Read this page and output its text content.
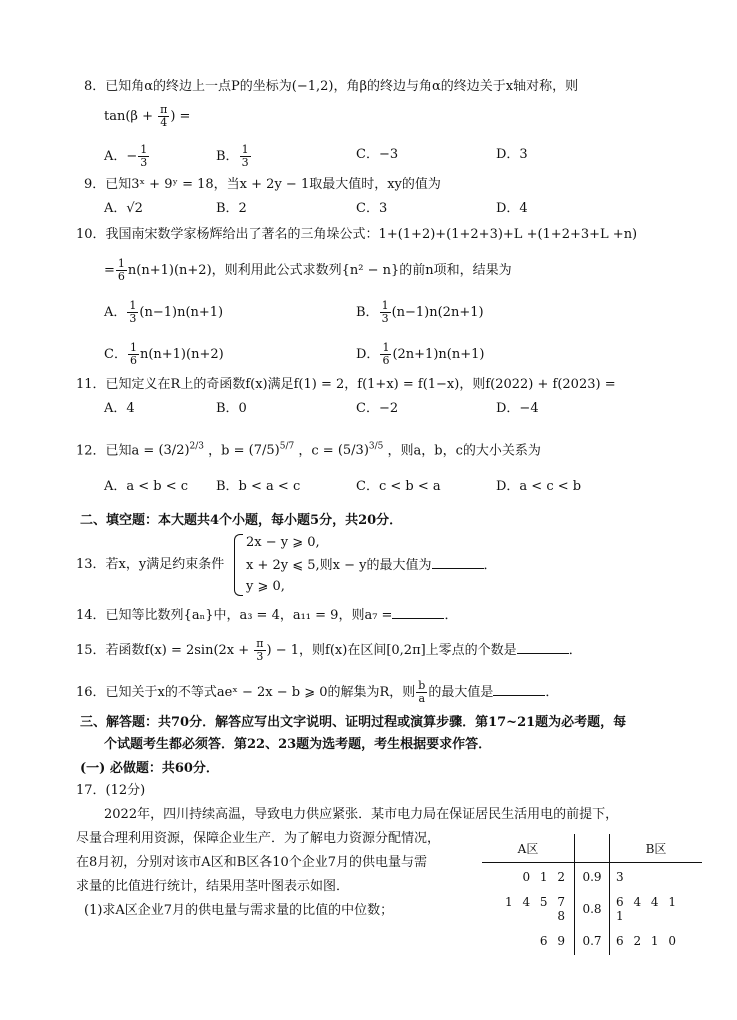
8．已知角α的终边上一点P的坐标为(−1,2)，角β的终边与角α的终边关于x轴对称，则
$\tan(\beta + \frac{\pi}{4}$ ) =
A．− $\frac{1}{3}$	B． $\frac{1}{3}$	C．−3	D．3
9．已知3ˣ + 9ʸ = 18，当x + 2y − 1取最大值时，xy的值为
A．√2	B．2	C．3	D．4
10．我国南宋数学家杨辉给出了著名的三角垛公式：1+(1+2)+(1+2+3)+L +(1+2+3+L +n)
= $\frac{1}{6} n(n+1)(n+2)$，则利用此公式求数列{n² − n}的前n项和，结果为
A． $\frac{1}{3} (n-1)n(n+1)$	B． $\frac{1}{3} (n-1)n(2n+1)$
C． $\frac{1}{6} n(n+1)(n+2)$	D． $\frac{1}{6} (2n+1)n(n+1)$
11．已知定义在R上的奇函数f(x)满足f(1) = 2，f(1+x) = f(1−x)，则f(2022) + f(2023) =
A．4	B．0	C．−2	D．−4
12．已知$a = (3/2)^{2/3}$ ，$b = (7/5)^{5/7}$ ，$c = (5/3)^{3/5}$ ，则a，b，c的大小关系为
A．a < b < c B．b < a < c	C．c < b < a	D．a < c < b
二、填空题：本大题共4个小题，每小题5分，共20分．
13．若x，y满足约束条件
2x − y ⩾ 0,
x + 2y ⩽ 5,则x − y的最大值为	．
y ⩾ 0,
14．已知等比数列{aₙ}中，a₃ = 4，a₁₁ = 9，则a₇ =	．
15．若函数$f(x) = 2\sin(2x + \frac{\pi}{3}$ ) − 1，则f(x)在区间[0,2π]上零点的个数是	．
16．已知关于x的不等式aeˣ − 2x − b ⩾ 0的解集为R，则 $\frac{b}{a}$ 的最大值是	．
三、解答题：共70分．解答应写出文字说明、证明过程或演算步骤．第17~21题为必考题，每
个试题考生都必须答．第22、23题为选考题，考生根据要求作答．
(一) 必做题：共60分．
17．(12分)
2022年，四川持续高温，导致电力供应紧张．某市电力局在保证居民生活用电的前提下，
尽量合理利用资源，保障企业生产．为了解电力资源分配情况，
在8月初，分别对该市A区和B区各10个企业7月的供电量与需
求量的比值进行统计，结果用茎叶图表示如图．
(1)求A区企业7月的供电量与需求量的比值的中位数；
A区		B区
0 1 2	0.9	3
1 4 5 7 8	0.8	6 4 4 1 1
6 9	0.7	6 2 1 0
